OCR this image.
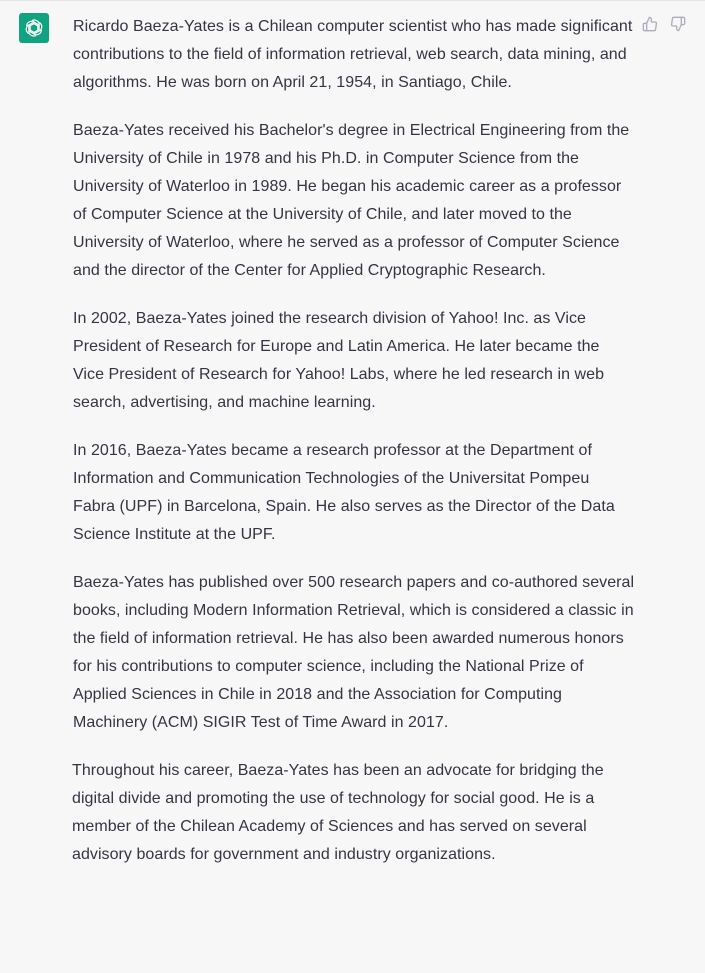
Ricardo Baeza-Yates is a Chilean computer scientist who has made significant contributions to the field of information retrieval, web search, data mining, and algorithms. He was born on April 21, 1954, in Santiago, Chile.

Baeza-Yates received his Bachelor's degree in Electrical Engineering from the University of Chile in 1978 and his Ph.D. in Computer Science from the University of Waterloo in 1989. He began his academic career as a professor of Computer Science at the University of Chile, and later moved to the University of Waterloo, where he served as a professor of Computer Science and the director of the Center for Applied Cryptographic Research.

In 2002, Baeza-Yates joined the research division of Yahoo! Inc. as Vice President of Research for Europe and Latin America. He later became the Vice President of Research for Yahoo! Labs, where he led research in web search, advertising, and machine learning.

In 2016, Baeza-Yates became a research professor at the Department of Information and Communication Technologies of the Universitat Pompeu Fabra (UPF) in Barcelona, Spain. He also serves as the Director of the Data Science Institute at the UPF.

Baeza-Yates has published over 500 research papers and co-authored several books, including Modern Information Retrieval, which is considered a classic in the field of information retrieval. He has also been awarded numerous honors for his contributions to computer science, including the National Prize of Applied Sciences in Chile in 2018 and the Association for Computing Machinery (ACM) SIGIR Test of Time Award in 2017.

Throughout his career, Baeza-Yates has been an advocate for bridging the digital divide and promoting the use of technology for social good. He is a member of the Chilean Academy of Sciences and has served on several advisory boards for government and industry organizations.
